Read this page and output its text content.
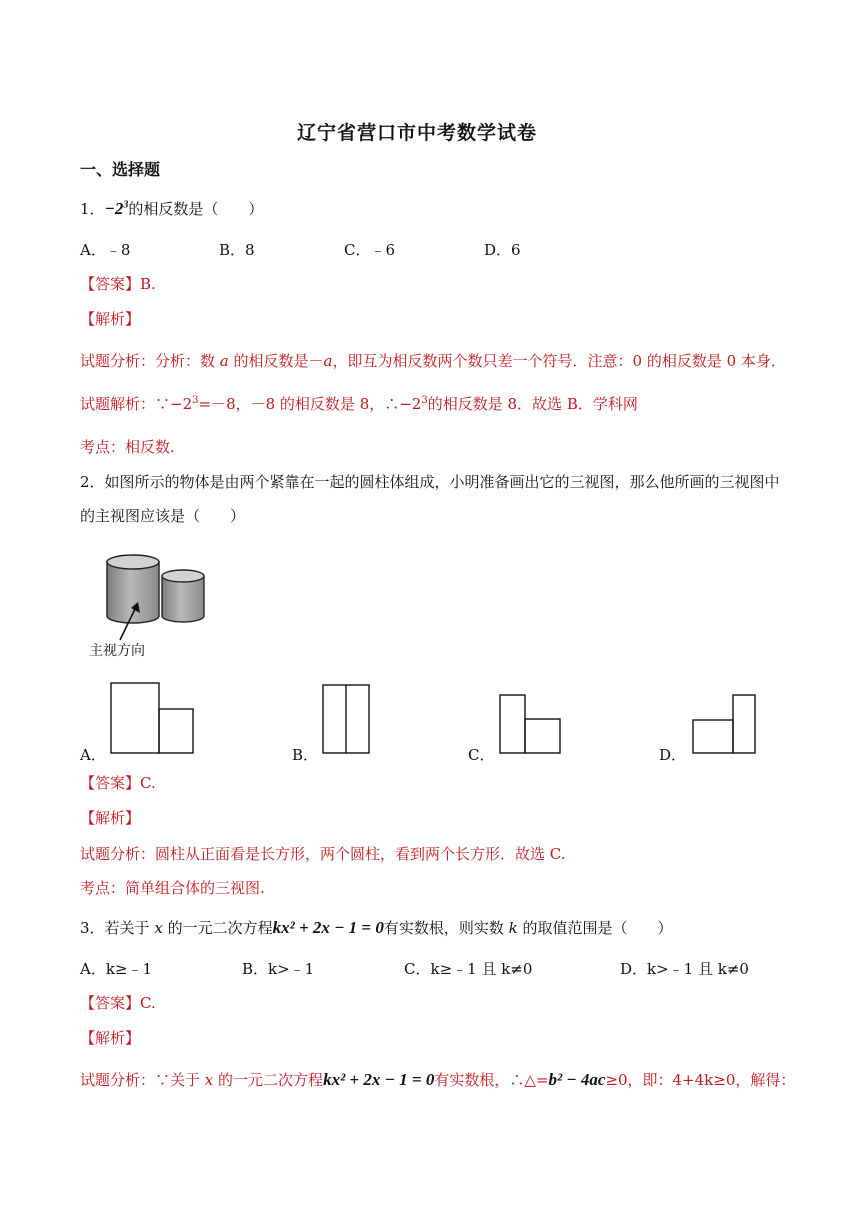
辽宁省营口市中考数学试卷
一、选择题
1．$-2^3$的相反数是（　　）
A．﹣8	B．8	C．﹣6	D．6
【答案】B.
【解析】
试题分析：分析：数 a 的相反数是－a，即互为相反数两个数只差一个符号．注意：0 的相反数是 0 本身．
试题解析：$\because-2^3=-8$，－8 的相反数是 8，$\therefore-2^3$的相反数是 8．故选 B．学科网
考点：相反数.
2．如图所示的物体是由两个紧靠在一起的圆柱体组成，小明准备画出它的三视图，那么他所画的三视图中
的主视图应该是（　　）
主视方向
A．	B．	C．	D．
【答案】C.
【解析】
试题分析：圆柱从正面看是长方形，两个圆柱，看到两个长方形．故选 C.
考点：简单组合体的三视图.
3．若关于 x 的一元二次方程kx² + 2x − 1 = 0有实数根，则实数 k 的取值范围是（　　）
A．k≥﹣1	B．k>﹣1	C．k≥﹣1 且 k≠0	D．k>﹣1 且 k≠0
【答案】C.
【解析】
试题分析：∵关于 x 的一元二次方程kx² + 2x − 1 = 0有实数根，∴△=b² − 4ac≥0，即：4+4k≥0，解得：
